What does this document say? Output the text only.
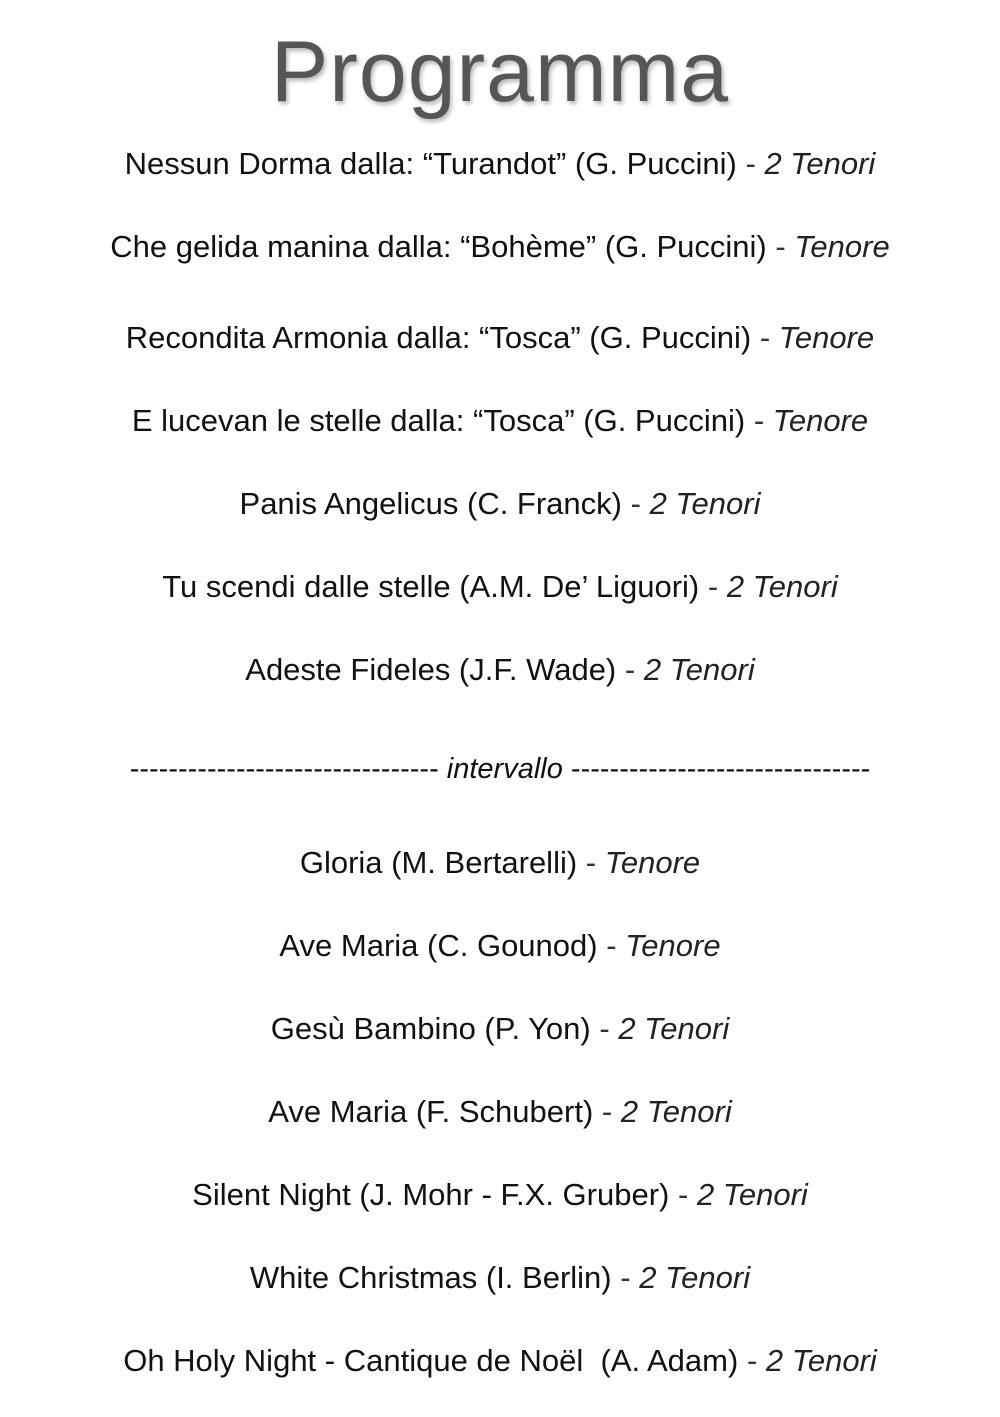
Programma
Nessun Dorma dalla: “Turandot” (G. Puccini) - 2 Tenori
Che gelida manina dalla: “Bohème” (G. Puccini) - Tenore
Recondita Armonia dalla: “Tosca” (G. Puccini) - Tenore
E lucevan le stelle dalla: “Tosca” (G. Puccini) - Tenore
Panis Angelicus (C. Franck) - 2 Tenori
Tu scendi dalle stelle (A.M. De’ Liguori) - 2 Tenori
Adeste Fideles (J.F. Wade) - 2 Tenori
-------------------------------- intervallo -------------------------------
Gloria (M. Bertarelli) - Tenore
Ave Maria (C. Gounod) - Tenore
Gesù Bambino (P. Yon) - 2 Tenori
Ave Maria (F. Schubert) - 2 Tenori
Silent Night (J. Mohr - F.X. Gruber) - 2 Tenori
White Christmas (I. Berlin) - 2 Tenori
Oh Holy Night - Cantique de Noël  (A. Adam) - 2 Tenori
